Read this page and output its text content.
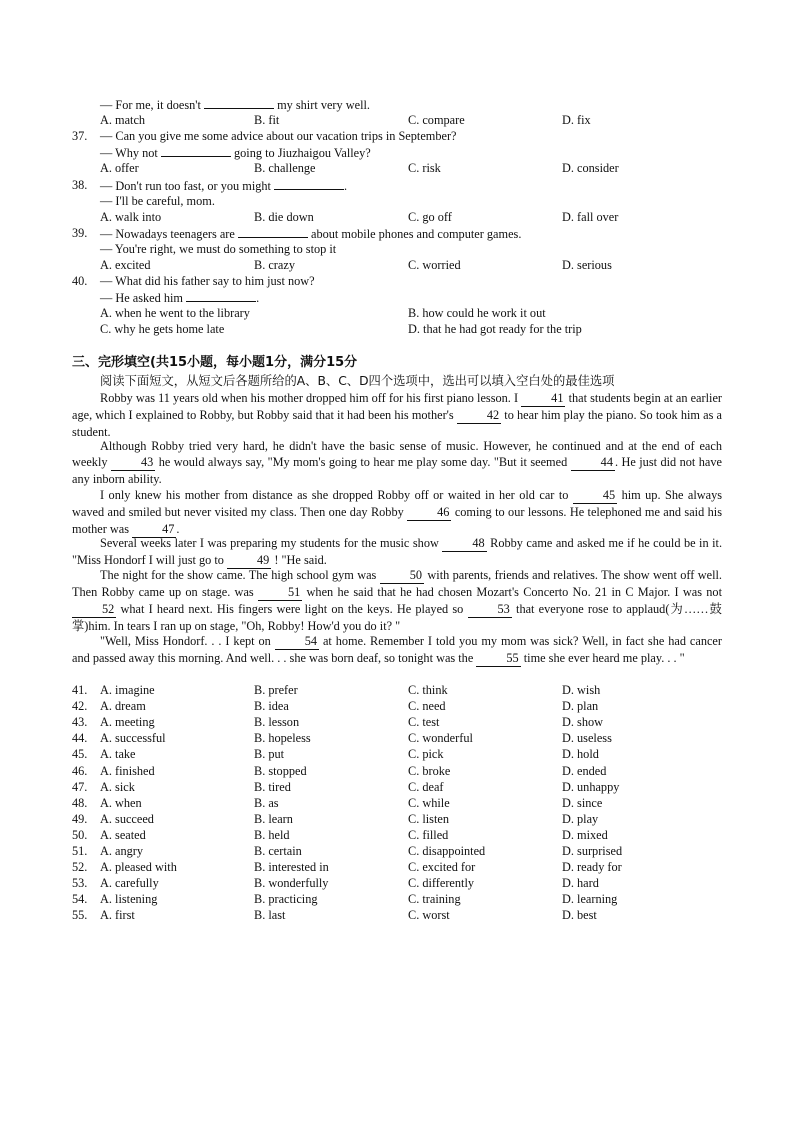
— For me, it doesn't	my shirt very well.
A. match	B. fit	C. compare	D. fix
37. — Can you give me some advice about our vacation trips in September?
— Why not	going to Jiuzhaigou Valley?
A. offer	B. challenge	C. risk	D. consider
38. — Don't run too fast, or you might	.
— I'll be careful, mom.
A. walk into	B. die down	C. go off	D. fall over
39. — Nowadays teenagers are	about mobile phones and computer games.
— You're right, we must do something to stop it
A. excited	B. crazy	C. worried	D. serious
40. — What did his father say to him just now?
— He asked him	.
A. when he went to the library	B. how could he work it out
C. why he gets home late	D. that he had got ready for the trip
三、完形填空(共15小题，每小题1分，满分15分
阅读下面短文，从短文后各题所给的A、B、C、D四个选项中，选出可以填入空白处的最佳选项
Robby was 11 years old when his mother dropped him off for his first piano lesson. I 41 that students begin at an earlier age, which I explained to Robby, but Robby said that it had been his mother's 42 to hear him play the piano. So took him as a student.
Although Robby tried very hard, he didn't have the basic sense of music. However, he continued and at the end of each weekly 43 he would always say, "My mom's going to hear me play some day. "But it seemed 44 . He just did not have any inborn ability.
I only knew his mother from distance as she dropped Robby off or waited in her old car to 45 him up. She always waved and smiled but never visited my class. Then one day Robby 46 coming to our lessons. He telephoned me and said his mother was 47 .
Several weeks later I was preparing my students for the music show 48 Robby came and asked me if he could be in it. "Miss Hondorf I will just go to 49 ! "He said.
The night for the show came. The high school gym was 50 with parents, friends and relatives. The show went off well. Then Robby came up on stage. was 51 when he said that he had chosen Mozart's Concerto No. 21 in C Major. I was not 52 what I heard next. His fingers were light on the keys. He played so 53 that everyone rose to applaud(为……鼓掌)him. In tears I ran up on stage, "Oh, Robby! How'd you do it? "
"Well, Miss Hondorf. . . I kept on 54 at home. Remember I told you my mom was sick? Well, in fact she had cancer and passed away this morning. And well. . . she was born deaf, so tonight was the 55 time she ever heard me play. . . "
41. A. imagine	B. prefer	C. think	D. wish
42. A. dream	B. idea	C. need	D. plan
43. A. meeting	B. lesson	C. test	D. show
44. A. successful	B. hopeless	C. wonderful	D. useless
45. A. take	B. put	C. pick	D. hold
46. A. finished	B. stopped	C. broke	D. ended
47. A. sick	B. tired	C. deaf	D. unhappy
48. A. when	B. as	C. while	D. since
49. A. succeed	B. learn	C. listen	D. play
50. A. seated	B. held	C. filled	D. mixed
51. A. angry	B. certain	C. disappointed	D. surprised
52. A. pleased with	B. interested in	C. excited for	D. ready for
53. A. carefully	B. wonderfully	C. differently	D. hard
54. A. listening	B. practicing	C. training	D. learning
55. A. first	B. last	C. worst	D. best
